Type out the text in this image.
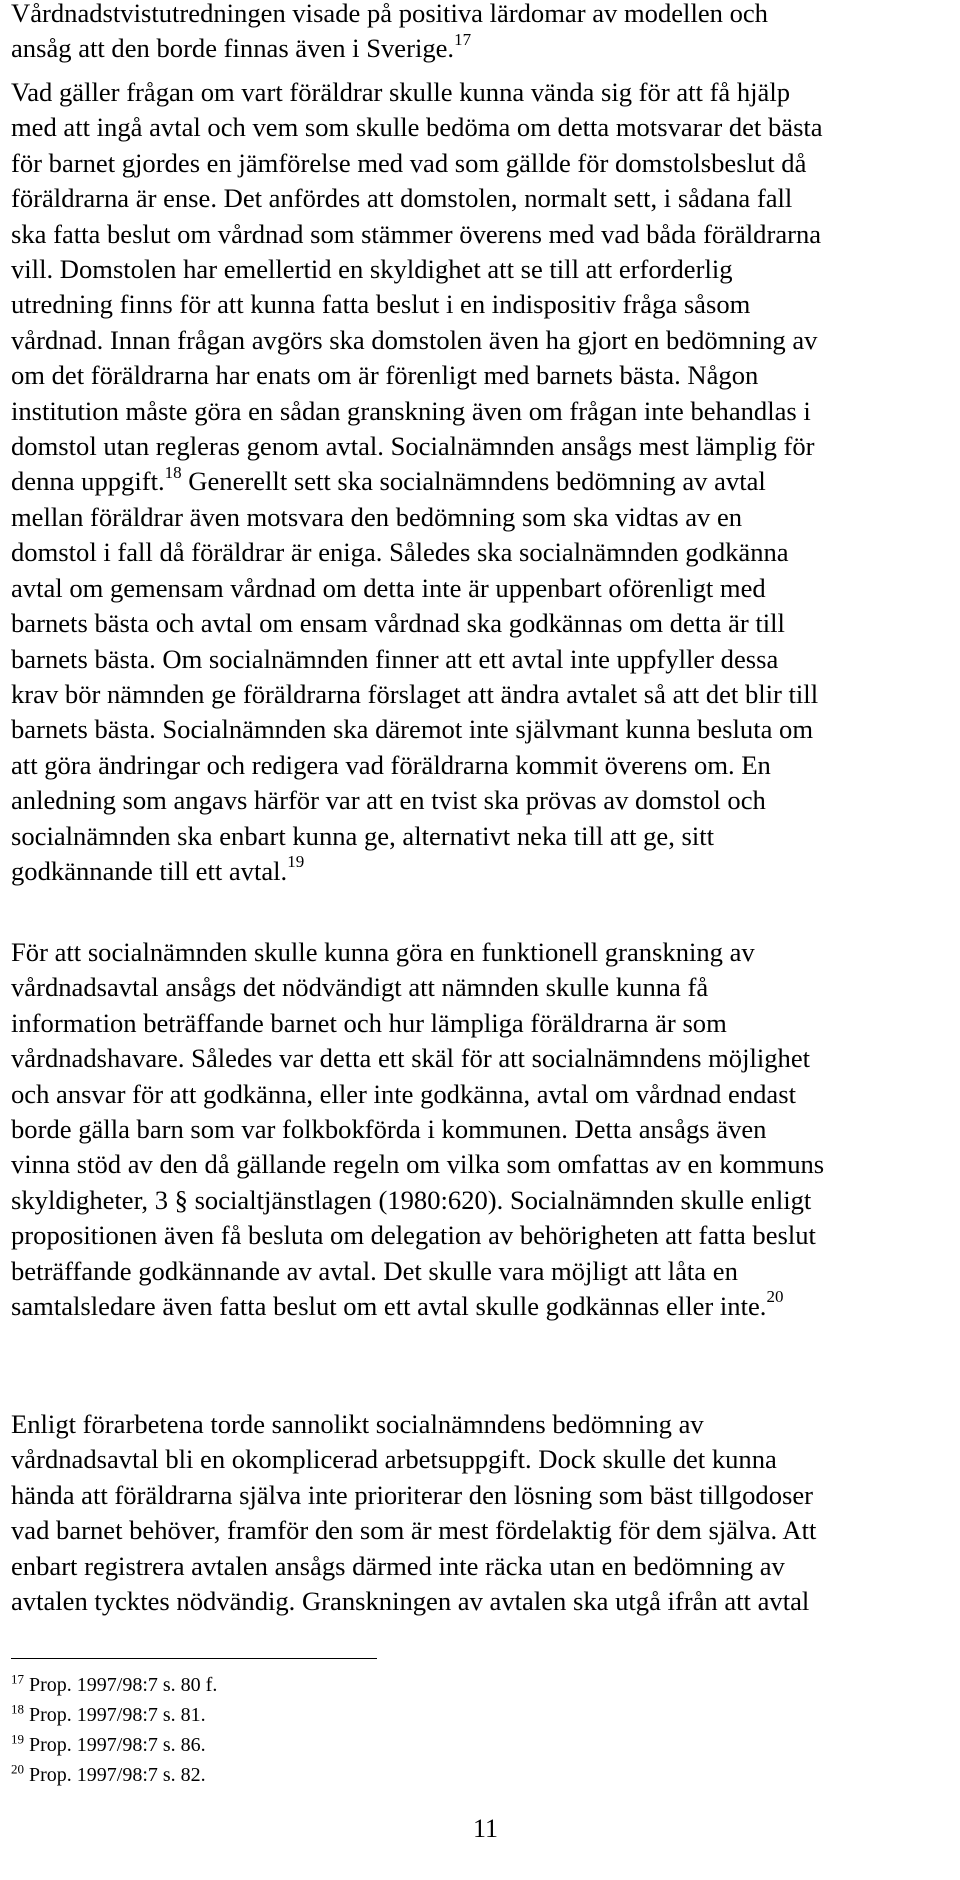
Vårdnadstvistutredningen visade på positiva lärdomar av modellen och
ansåg att den borde finnas även i Sverige.$^{17}$

Vad gäller frågan om vart föräldrar skulle kunna vända sig för att få hjälp
med att ingå avtal och vem som skulle bedöma om detta motsvarar det bästa
för barnet gjordes en jämförelse med vad som gällde för domstolsbeslut då
föräldrarna är ense. Det anfördes att domstolen, normalt sett, i sådana fall
ska fatta beslut om vårdnad som stämmer överens med vad båda föräldrarna
vill. Domstolen har emellertid en skyldighet att se till att erforderlig
utredning finns för att kunna fatta beslut i en indispositiv fråga såsom
vårdnad. Innan frågan avgörs ska domstolen även ha gjort en bedömning av
om det föräldrarna har enats om är förenligt med barnets bästa. Någon
institution måste göra en sådan granskning även om frågan inte behandlas i
domstol utan regleras genom avtal. Socialnämnden ansågs mest lämplig för
denna uppgift.$^{18}$ Generellt sett ska socialnämndens bedömning av avtal
mellan föräldrar även motsvara den bedömning som ska vidtas av en
domstol i fall då föräldrar är eniga. Således ska socialnämnden godkänna
avtal om gemensam vårdnad om detta inte är uppenbart oförenligt med
barnets bästa och avtal om ensam vårdnad ska godkännas om detta är till
barnets bästa. Om socialnämnden finner att ett avtal inte uppfyller dessa
krav bör nämnden ge föräldrarna förslaget att ändra avtalet så att det blir till
barnets bästa. Socialnämnden ska däremot inte självmant kunna besluta om
att göra ändringar och redigera vad föräldrarna kommit överens om. En
anledning som angavs härför var att en tvist ska prövas av domstol och
socialnämnden ska enbart kunna ge, alternativt neka till att ge, sitt
godkännande till ett avtal.$^{19}$

För att socialnämnden skulle kunna göra en funktionell granskning av
vårdnadsavtal ansågs det nödvändigt att nämnden skulle kunna få
information beträffande barnet och hur lämpliga föräldrarna är som
vårdnadshavare. Således var detta ett skäl för att socialnämndens möjlighet
och ansvar för att godkänna, eller inte godkänna, avtal om vårdnad endast
borde gälla barn som var folkbokförda i kommunen. Detta ansågs även
vinna stöd av den då gällande regeln om vilka som omfattas av en kommuns
skyldigheter, 3 § socialtjänstlagen (1980:620). Socialnämnden skulle enligt
propositionen även få besluta om delegation av behörigheten att fatta beslut
beträffande godkännande av avtal. Det skulle vara möjligt att låta en
samtalsledare även fatta beslut om ett avtal skulle godkännas eller inte.$^{20}$

Enligt förarbetena torde sannolikt socialnämndens bedömning av
vårdnadsavtal bli en okomplicerad arbetsuppgift. Dock skulle det kunna
hända att föräldrarna själva inte prioriterar den lösning som bäst tillgodoser
vad barnet behöver, framför den som är mest fördelaktig för dem själva. Att
enbart registrera avtalen ansågs därmed inte räcka utan en bedömning av
avtalen tycktes nödvändig. Granskningen av avtalen ska utgå ifrån att avtal

$^{17}$ Prop. 1997/98:7 s. 80 f.
$^{18}$ Prop. 1997/98:7 s. 81.
$^{19}$ Prop. 1997/98:7 s. 86.
$^{20}$ Prop. 1997/98:7 s. 82.
11
